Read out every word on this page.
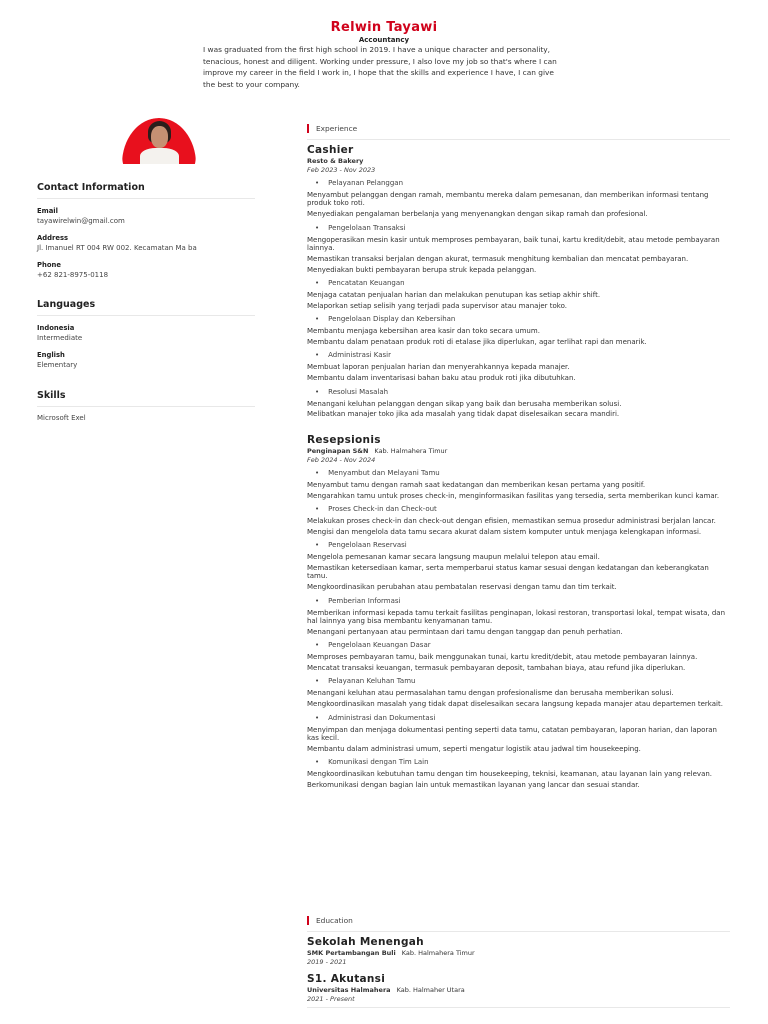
Relwin Tayawi
Accountancy
I was graduated from the first high school in 2019. I have a unique character and personality, tenacious, honest and diligent. Working under pressure, I also love my job so that's where I can improve my career in the field I work in, I hope that the skills and experience I have, I can give the best to your company.
Contact Information
Email
tayawirelwin@gmail.com
Address
Jl. Imanuel RT 004 RW 002. Kecamatan Ma ba
Phone
+62 821-8975-0118
Languages
Indonesia
Intermediate
English
Elementary
Skills
Microsoft Exel
Experience
Cashier
Resto & Bakery
Feb 2023 - Nov 2023
• Pelayanan Pelanggan
Menyambut pelanggan dengan ramah, membantu mereka dalam pemesanan, dan memberikan informasi tentang produk toko roti.
Menyediakan pengalaman berbelanja yang menyenangkan dengan sikap ramah dan profesional.
• Pengelolaan Transaksi
Mengoperasikan mesin kasir untuk memproses pembayaran, baik tunai, kartu kredit/debit, atau metode pembayaran lainnya.
Memastikan transaksi berjalan dengan akurat, termasuk menghitung kembalian dan mencatat pembayaran.
Menyediakan bukti pembayaran berupa struk kepada pelanggan.
• Pencatatan Keuangan
Menjaga catatan penjualan harian dan melakukan penutupan kas setiap akhir shift.
Melaporkan setiap selisih yang terjadi pada supervisor atau manajer toko.
• Pengelolaan Display dan Kebersihan
Membantu menjaga kebersihan area kasir dan toko secara umum.
Membantu dalam penataan produk roti di etalase jika diperlukan, agar terlihat rapi dan menarik.
• Administrasi Kasir
Membuat laporan penjualan harian dan menyerahkannya kepada manajer.
Membantu dalam inventarisasi bahan baku atau produk roti jika dibutuhkan.
• Resolusi Masalah
Menangani keluhan pelanggan dengan sikap yang baik dan berusaha memberikan solusi.
Melibatkan manajer toko jika ada masalah yang tidak dapat diselesaikan secara mandiri.
Resepsionis
Penginapan S&N Kab. Halmahera Timur
Feb 2024 - Nov 2024
• Menyambut dan Melayani Tamu
Menyambut tamu dengan ramah saat kedatangan dan memberikan kesan pertama yang positif.
Mengarahkan tamu untuk proses check-in, menginformasikan fasilitas yang tersedia, serta memberikan kunci kamar.
• Proses Check-in dan Check-out
Melakukan proses check-in dan check-out dengan efisien, memastikan semua prosedur administrasi berjalan lancar.
Mengisi dan mengelola data tamu secara akurat dalam sistem komputer untuk menjaga kelengkapan informasi.
• Pengelolaan Reservasi
Mengelola pemesanan kamar secara langsung maupun melalui telepon atau email.
Memastikan ketersediaan kamar, serta memperbarui status kamar sesuai dengan kedatangan dan keberangkatan tamu.
Mengkoordinasikan perubahan atau pembatalan reservasi dengan tamu dan tim terkait.
• Pemberian Informasi
Memberikan informasi kepada tamu terkait fasilitas penginapan, lokasi restoran, transportasi lokal, tempat wisata, dan hal lainnya yang bisa membantu kenyamanan tamu.
Menangani pertanyaan atau permintaan dari tamu dengan tanggap dan penuh perhatian.
• Pengelolaan Keuangan Dasar
Memproses pembayaran tamu, baik menggunakan tunai, kartu kredit/debit, atau metode pembayaran lainnya.
Mencatat transaksi keuangan, termasuk pembayaran deposit, tambahan biaya, atau refund jika diperlukan.
• Pelayanan Keluhan Tamu
Menangani keluhan atau permasalahan tamu dengan profesionalisme dan berusaha memberikan solusi.
Mengkoordinasikan masalah yang tidak dapat diselesaikan secara langsung kepada manajer atau departemen terkait.
• Administrasi dan Dokumentasi
Menyimpan dan menjaga dokumentasi penting seperti data tamu, catatan pembayaran, laporan harian, dan laporan kas kecil.
Membantu dalam administrasi umum, seperti mengatur logistik atau jadwal tim housekeeping.
• Komunikasi dengan Tim Lain
Mengkoordinasikan kebutuhan tamu dengan tim housekeeping, teknisi, keamanan, atau layanan lain yang relevan.
Berkomunikasi dengan bagian lain untuk memastikan layanan yang lancar dan sesuai standar.
Education
Sekolah Menengah
SMK Pertambangan Buli Kab. Halmahera Timur
2019 - 2021
S1. Akutansi
Universitas Halmahera Kab. Halmaher Utara
2021 - Present
